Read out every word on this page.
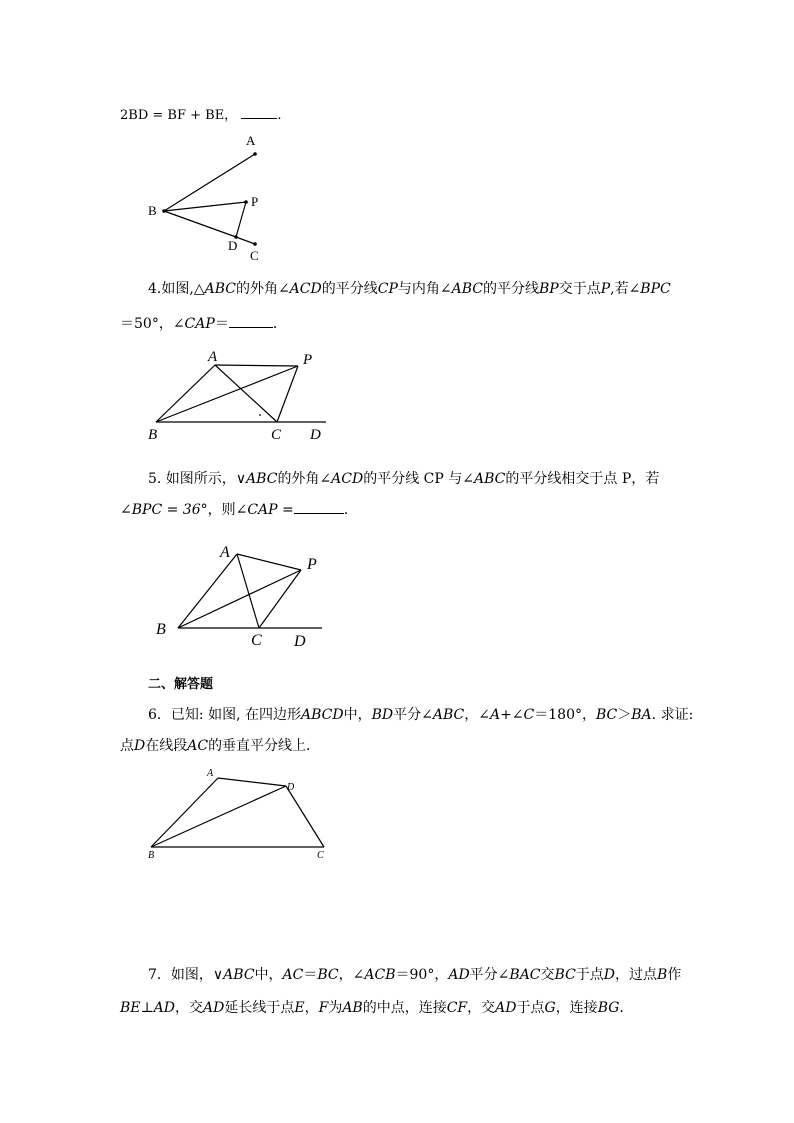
2BD = BF + BE，	.
A
B
P
D
C
4.如图,△ABC的外角∠ACD的平分线CP与内角∠ABC的平分线BP交于点P,若∠BPC
＝50°，∠CAP＝	.
A	P
B	C D
5. 如图所示，∨ABC的外角∠ACD的平分线 CP 与∠ABC的平分线相交于点 P，若
∠BPC = 36°，则∠CAP =	.
A
P
B
C D
二、解答题
6．已知: 如图, 在四边形ABCD中，BD平分∠ABC，∠A+∠C＝180°，BC＞BA. 求证:
点D在线段AC的垂直平分线上．
A
D
B	C
7．如图，∨ABC中，AC＝BC，∠ACB＝90°，AD平分∠BAC交BC于点D，过点B作
BE⊥AD，交AD延长线于点E，F为AB的中点，连接CF，交AD于点G，连接BG.
